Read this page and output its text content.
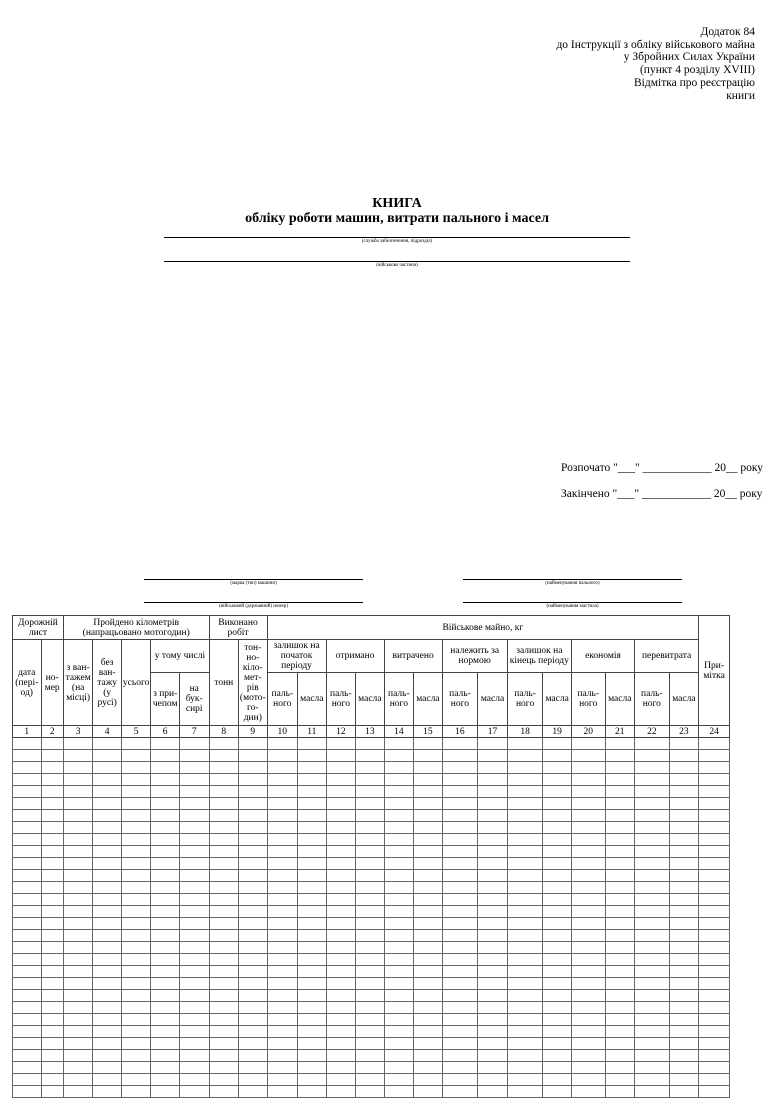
Додаток 84
до Інструкції з обліку військового майна
у Збройних Силах України
(пункт 4 розділу XVIII)
Відмітка про реєстрацію
книги
КНИГА
обліку роботи машин, витрати пального і масел
(служба забезпечення, підрозділ)
(військова частина)
Розпочато "___" ____________ 20__ року
Закінчено "___" ____________ 20__ року
(марка (тип) машини)
(військовий (державний) номер)
(найменування пального)
(найменування мастила)
Дорожній лист		Пройдено кілометрів (напрацьовано мотогодин)					Виконано робіт		Військове майно, кг														При-мітка
дата (пері-од)	но-мер	з ван-тажем (на місці)	без ван-тажу (у русі)	усього	у тому числі		тонн	тон-но-кіло-мет-рів (мото-го-дин)	залишок на початок періоду		отримано		витрачено		належить за нормою		залишок на кінець періоду		економія		перевитрата		
					з при-чепом	на бук-сирі			паль-ного	масла	паль-ного	масла	паль-ного	масла	паль-ного	масла	паль-ного	масла	паль-ного	масла	паль-ного	масла	
1	2	3	4	5	6	7	8	9	10	11	12	13	14	15	16	17	18	19	20	21	22	23	24
